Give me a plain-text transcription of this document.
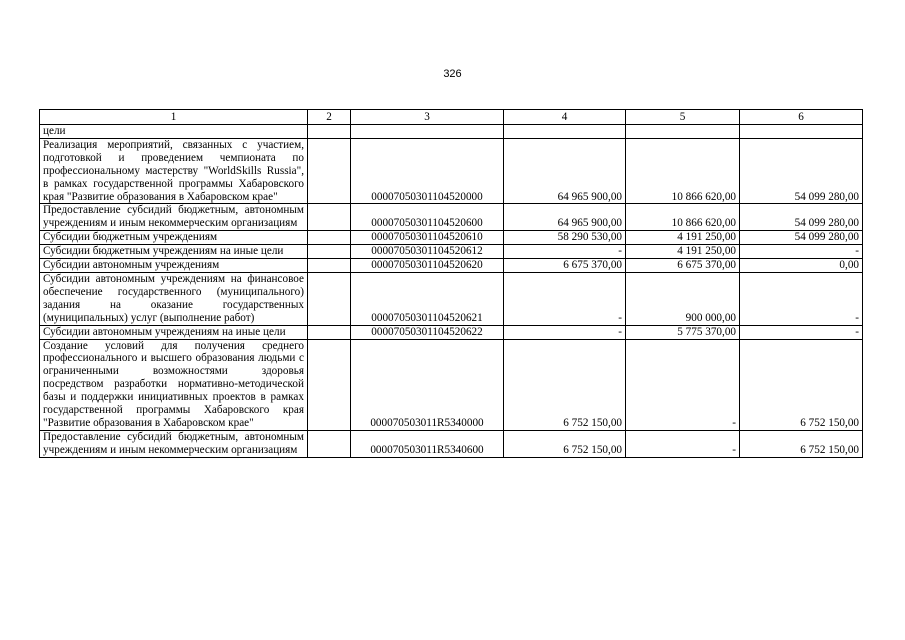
326
1	2	3	4	5	6
цели					
Реализация мероприятий, связанных с участием, подготовкой и проведением чемпионата по профессиональному мастерству "WorldSkills Russia", в рамках государственной программы Хабаровского края "Развитие образования в Хабаровском крае"		00007050301104520000	64 965 900,00	10 866 620,00	54 099 280,00
Предоставление субсидий бюджетным, автономным учреждениям и иным некоммерческим организациям		00007050301104520600	64 965 900,00	10 866 620,00	54 099 280,00
Субсидии бюджетным учреждениям		00007050301104520610	58 290 530,00	4 191 250,00	54 099 280,00
Субсидии бюджетным учреждениям на иные цели		00007050301104520612	-	4 191 250,00	-
Субсидии автономным учреждениям		00007050301104520620	6 675 370,00	6 675 370,00	0,00
Субсидии автономным учреждениям на финансовое обеспечение государственного (муниципального) задания на оказание государственных (муниципальных) услуг (выполнение работ)		00007050301104520621	-	900 000,00	-
Субсидии автономным учреждениям на иные цели		00007050301104520622	-	5 775 370,00	-
Создание условий для получения среднего профессионального и высшего образования людьми с ограниченными возможностями здоровья посредством разработки нормативно-методической базы и поддержки инициативных проектов в рамках государственной программы Хабаровского края "Развитие образования в Хабаровском крае"		000070503011R5340000	6 752 150,00	-	6 752 150,00
Предоставление субсидий бюджетным, автономным учреждениям и иным некоммерческим организациям		000070503011R5340600	6 752 150,00	-	6 752 150,00
